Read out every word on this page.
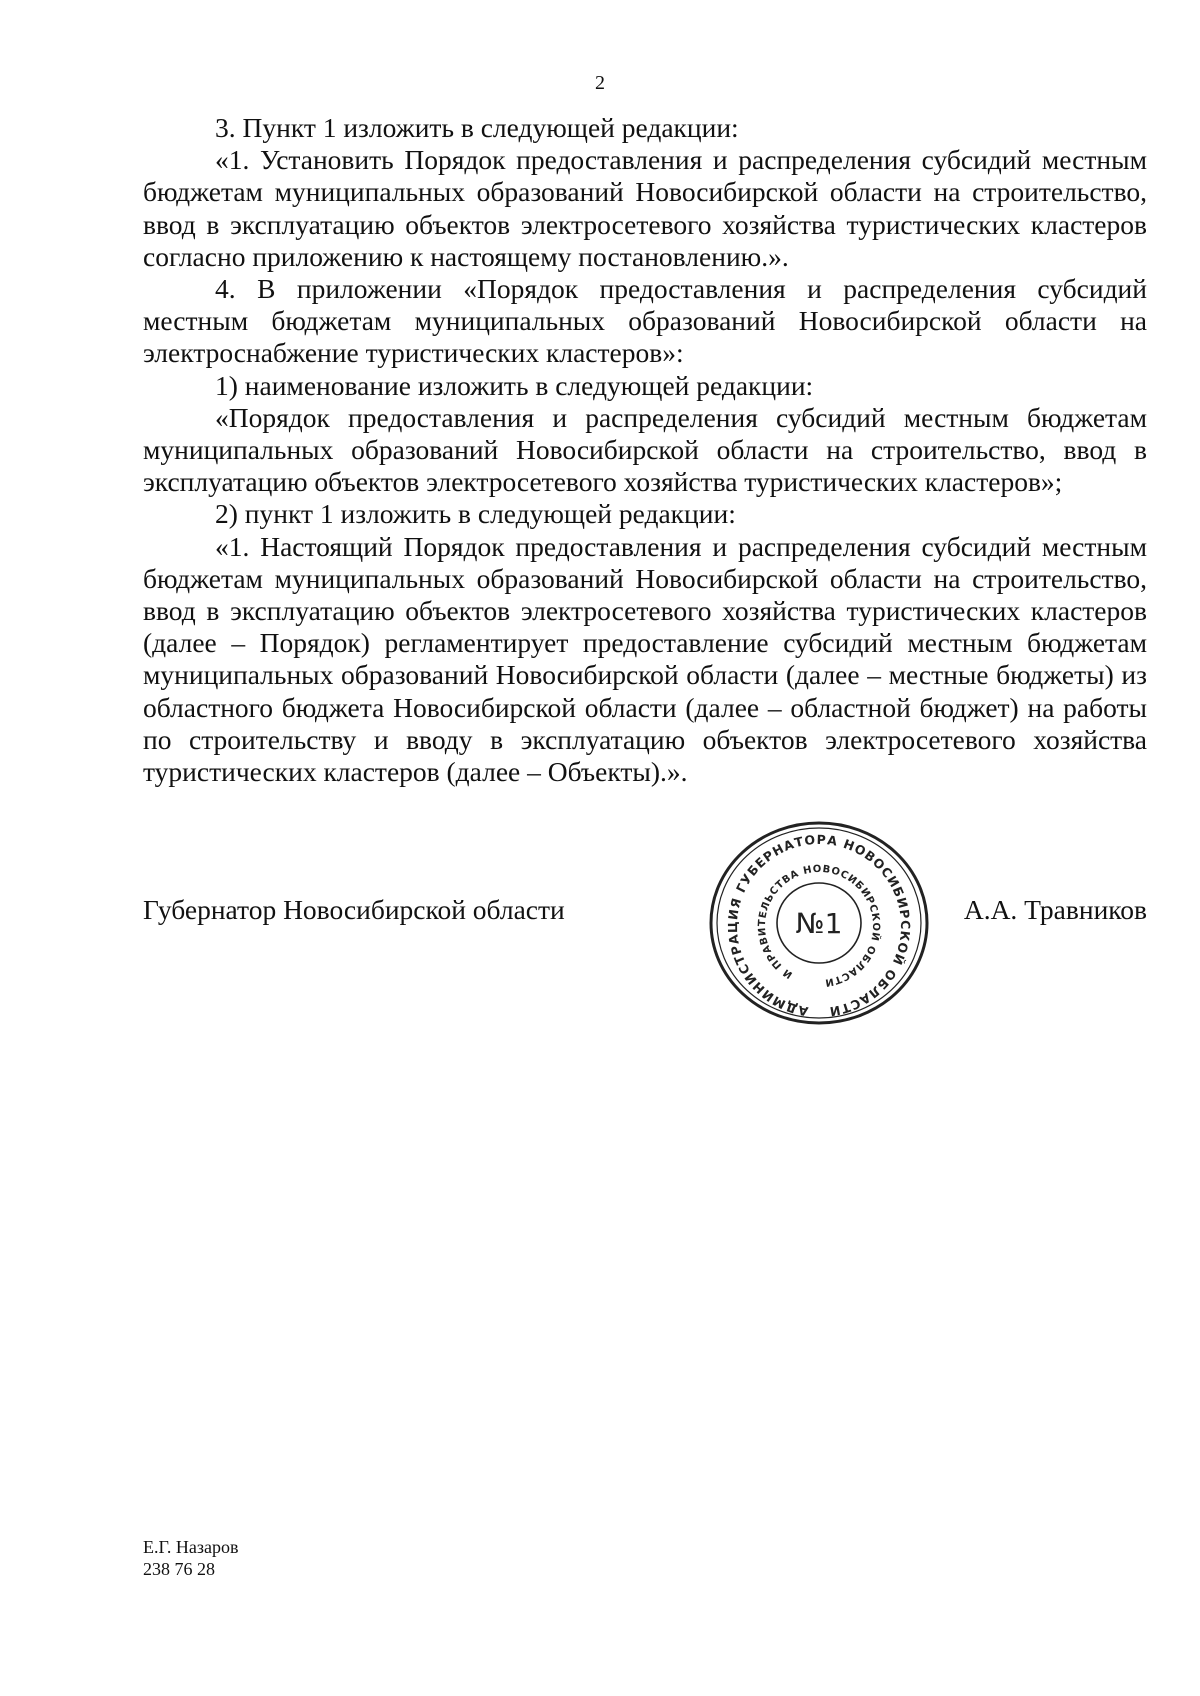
2

3. Пункт 1 изложить в следующей редакции:

«1. Установить Порядок предоставления и распределения субсидий местным бюджетам муниципальных образований Новосибирской области на строительство, ввод в эксплуатацию объектов электросетевого хозяйства туристических кластеров согласно приложению к настоящему постановлению.».

4. В приложении «Порядок предоставления и распределения субсидий местным бюджетам муниципальных образований Новосибирской области на электроснабжение туристических кластеров»:

1) наименование изложить в следующей редакции:

«Порядок предоставления и распределения субсидий местным бюджетам муниципальных образований Новосибирской области на строительство, ввод в эксплуатацию объектов электросетевого хозяйства туристических кластеров»;

2) пункт 1 изложить в следующей редакции:

«1. Настоящий Порядок предоставления и распределения субсидий местным бюджетам муниципальных образований Новосибирской области на строительство, ввод в эксплуатацию объектов электросетевого хозяйства туристических кластеров (далее – Порядок) регламентирует предоставление субсидий местным бюджетам муниципальных образований Новосибирской области (далее – местные бюджеты) из областного бюджета Новосибирской области (далее – областной бюджет) на работы по строительству и вводу в эксплуатацию объектов электросетевого хозяйства туристических кластеров (далее – Объекты).».

Губернатор Новосибирской области	А.А. Травников
АДМИНИСТРАЦИЯ ГУБЕРНАТОРА НОВОСИБИРСКОЙ ОБЛАСТИ
И ПРАВИТЕЛЬСТВА НОВОСИБИРСКОЙ ОБЛАСТИ
№1
Е.Г. Назаров
238 76 28
